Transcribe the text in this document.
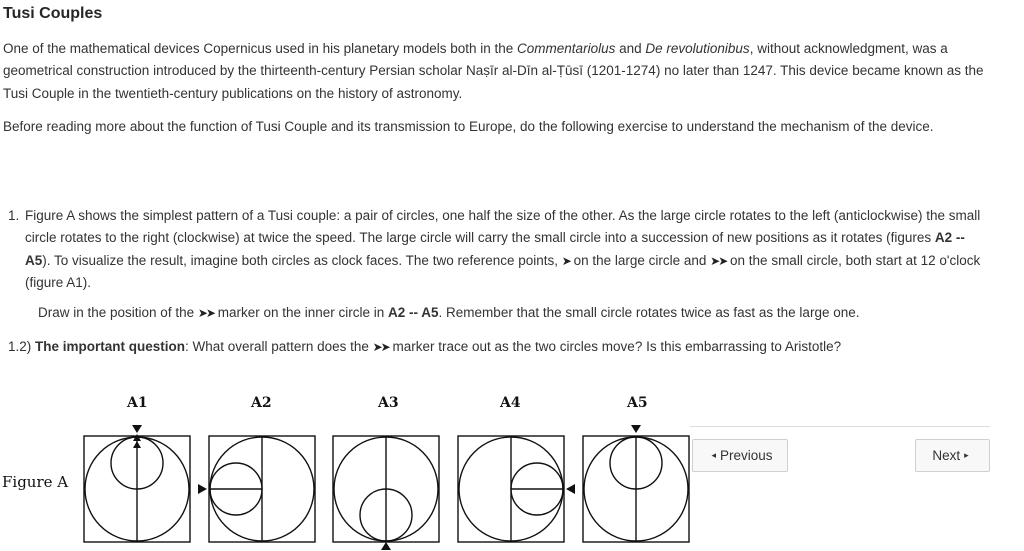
Tusi Couples
One of the mathematical devices Copernicus used in his planetary models both in the Commentariolus and De revolutionibus, without acknowledgment, was a geometrical construction introduced by the thirteenth-century Persian scholar Naṣīr al-Dīn al-Ṭūsī (1201-1274) no later than 1247. This device became known as the Tusi Couple in the twentieth-century publications on the history of astronomy.
Before reading more about the function of Tusi Couple and its transmission to Europe, do the following exercise to understand the mechanism of the device.
1. Figure A shows the simplest pattern of a Tusi couple: a pair of circles, one half the size of the other. As the large circle rotates to the left (anticlockwise) the small circle rotates to the right (clockwise) at twice the speed. The large circle will carry the small circle into a succession of new positions as it rotates (figures A2 -- A5). To visualize the result, imagine both circles as clock faces. The two reference points, ➤ on the large circle and ➤➤ on the small circle, both start at 12 o'clock (figure A1).
Draw in the position of the ➤➤ marker on the inner circle in A2 -- A5. Remember that the small circle rotates twice as fast as the large one.
1.2) The important question: What overall pattern does the ➤➤ marker trace out as the two circles move? Is this embarrassing to Aristotle?
A1	A2	A3	A4	A5
Figure A
◂ Previous	Next ▸
